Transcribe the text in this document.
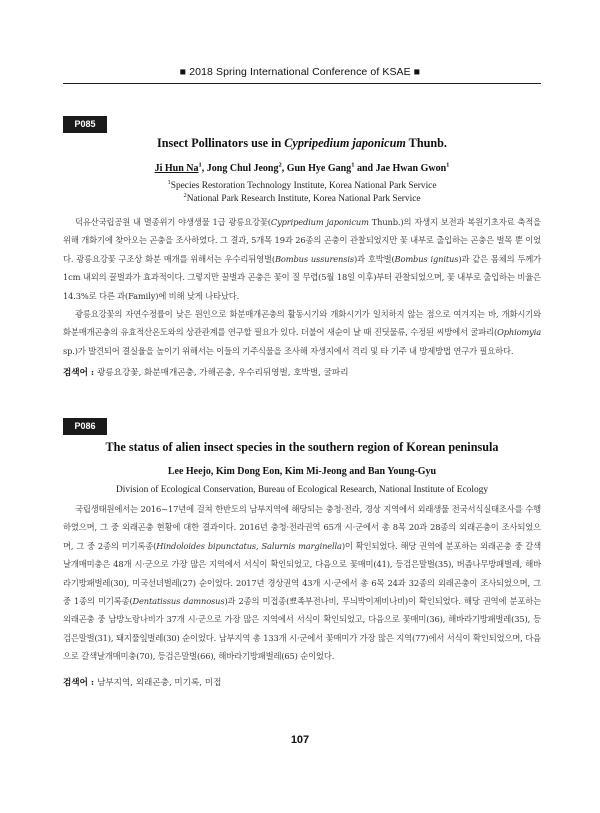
■ 2018 Spring International Conference of KSAE ■
P085
Insect Pollinators use in Cypripedium japonicum Thunb.
Ji Hun Na$^1$, Jong Chul Jeong$^2$, Gun Hye Gang$^1$ and Jae Hwan Gwon$^1$
$^1$Species Restoration Technology Institute, Korea National Park Service
$^2$National Park Research Institute, Korea National Park Service

덕유산국립공원 내 멸종위기 야생생물 1급 광릉요강꽃(Cypripedium japonicum Thunb.)의 자생지 보전과 복원기초자료 축적을 위해 개화기에 찾아오는 곤충을 조사하였다. 그 결과, 5개목 19과 26종의 곤충이 관찰되었지만 꽃 내부로 출입하는 곤충은 벌목 뿐 이었다. 광릉요강꽃 구조상 화분 매개를 위해서는 우수리뒤영벌(Bombus ussurensis)과 호박벌(Bombus ignitus)과 같은 몸체의 두께가 1cm 내외의 꿀벌과가 효과적이다. 그렇지만 꿀벌과 곤충은 꽃이 질 무렵(5월 18일 이후)부터 관찰되었으며, 꽃 내부로 출입하는 비율은 14.3%로 다른 과(Family)에 비해 낮게 나타났다.

광릉요강꽃의 자연수정률이 낮은 원인으로 화분매개곤충의 활동시기와 개화시기가 일치하지 않는 점으로 여겨지는 바, 개화시기와 화분매개곤충의 유효적산온도와의 상관관계를 연구할 필요가 있다. 더불어 새순이 날 때 진딧물류, 수정된 씨방에서 굴파리(Ophiomyia sp.)가 발견되어 결실율을 높이기 위해서는 이들의 기주식물을 조사해 자생지에서 격리 및 타 기주 내 방제방법 연구가 필요하다.

검색어 : 광릉요강꽃, 화분매개곤충, 가해곤충, 우수리뒤영벌, 호박벌, 굴파리
P086
The status of alien insect species in the southern region of Korean peninsula
Lee Heejo, Kim Dong Eon, Kim Mi-Jeong and Ban Young-Gyu
Division of Ecological Conservation, Bureau of Ecological Research, National Institute of Ecology

국립생태원에서는 2016~17년에 걸쳐 한반도의 남부지역에 해당되는 충청·전라, 경상 지역에서 외래생물 전국서식실태조사를 수행하였으며, 그 중 외래곤충 현황에 대한 결과이다. 2016년 충청·전라권역 65개 시·군에서 총 8목 20과 28종의 외래곤충이 조사되었으며, 그 중 2종의 미기록종(Hindoloides bipunctatus, Salurnis marginella)이 확인되었다. 해당 권역에 분포하는 외래곤충 중 갈색날개매미충은 48개 시·군으로 가장 많은 지역에서 서식이 확인되었고, 다음으로 꽃매미(41), 등검은말벌(35), 버즘나무방패벌레, 해바라기방패벌레(30), 미국선녀벌레(27) 순이었다. 2017년 경상권역 43개 시·군에서 총 6목 24과 32종의 외래곤충이 조사되었으며, 그 중 1종의 미기록종(Dentatissus damnosus)과 2종의 미접종(뾰족부전나비, 무늬박이제비나비)이 확인되었다. 해당 권역에 분포하는 외래곤충 중 남방노랑나비가 37개 시·군으로 가장 많은 지역에서 서식이 확인되었고, 다음으로 꽃매미(36), 해바라기방패벌레(35), 등검은말벌(31), 돼지풀잎벌레(30) 순이었다. 남부지역 총 133개 시·군에서 꽃매미가 가장 많은 지역(77)에서 서식이 확인되었으며, 다음으로 갈색날개매미충(70), 등검은말벌(66), 해바라기방패벌레(65) 순이었다.

검색어 : 남부지역, 외래곤충, 미기록, 미접
107
